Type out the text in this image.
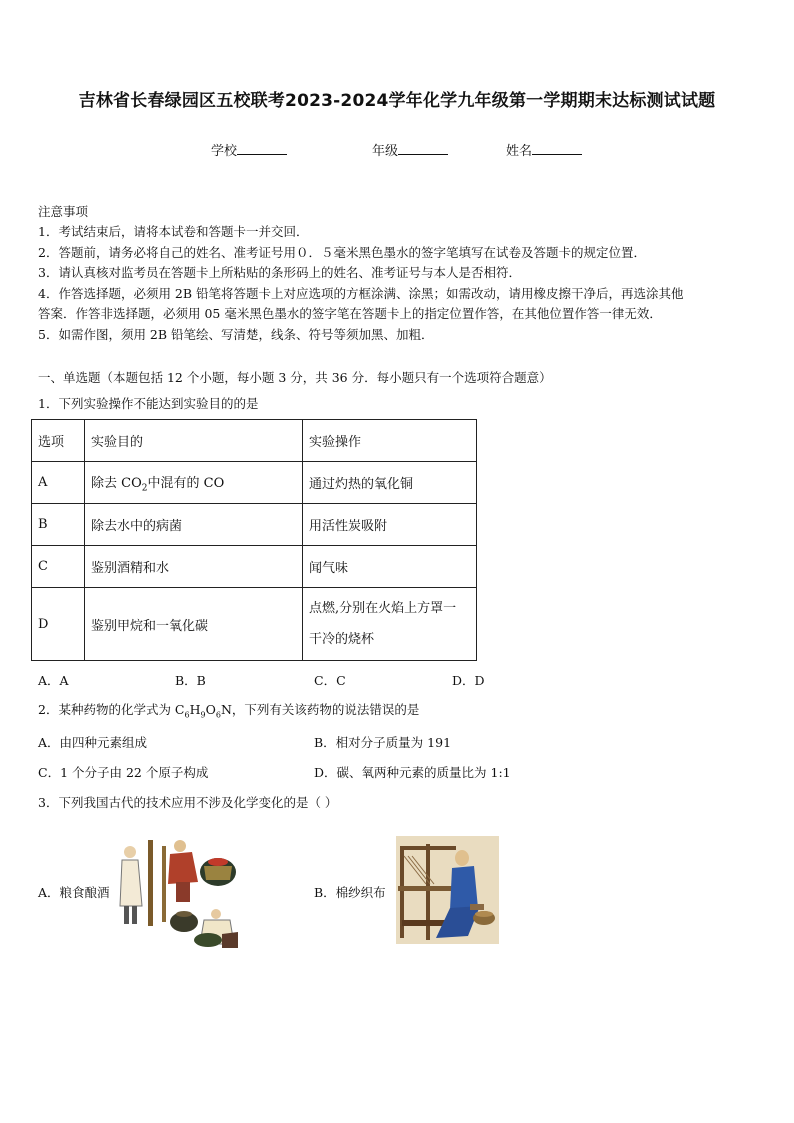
吉林省长春绿园区五校联考2023-2024学年化学九年级第一学期期末达标测试试题
学校	年级	姓名
注意事项
1．考试结束后，请将本试卷和答题卡一并交回．
2．答题前，请务必将自己的姓名、准考证号用０．５毫米黑色墨水的签字笔填写在试卷及答题卡的规定位置．
3．请认真核对监考员在答题卡上所粘贴的条形码上的姓名、准考证号与本人是否相符．
4．作答选择题，必须用 2B 铅笔将答题卡上对应选项的方框涂满、涂黑；如需改动，请用橡皮擦干净后，再选涂其他
答案．作答非选择题，必须用 05 毫米黑色墨水的签字笔在答题卡上的指定位置作答，在其他位置作答一律无效．
5．如需作图，须用 2B 铅笔绘、写清楚，线条、符号等须加黑、加粗．
一、单选题（本题包括 12 个小题，每小题 3 分，共 36 分．每小题只有一个选项符合题意）
1．下列实验操作不能达到实验目的的是
选项	实验目的	实验操作
A	除去 $CO_2$中混有的 CO	通过灼热的氧化铜
B	除去水中的病菌	用活性炭吸附
C	鉴别酒精和水	闻气味
D	鉴别甲烷和一氧化碳	点燃,分别在火焰上方罩一
干冷的烧杯
A．A	B．B	C．C	D．D
2．某种药物的化学式为 $C_6H_9O_6N$，下列有关该药物的说法错误的是
A．由四种元素组成	B．相对分子质量为 191
C．1 个分子由 22 个原子构成	D．碳、氧两种元素的质量比为 1:1
3．下列我国古代的技术应用不涉及化学变化的是（ ）
A．粮食酿酒	B．棉纱织布
